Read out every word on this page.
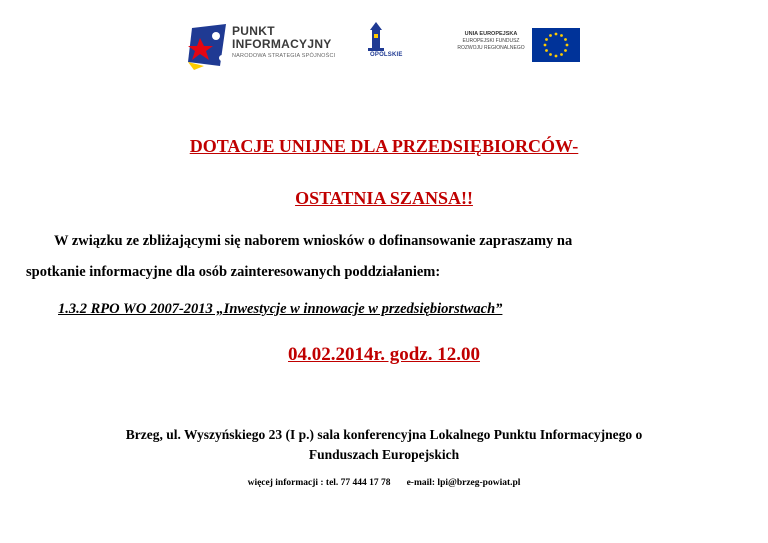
PUNKT
INFORMACYJNY
NARODOWA STRATEGIA SPÓJNOŚCI	OPOLSKIE
UNIA EUROPEJSKA
EUROPEJSKI FUNDUSZ
ROZWOJU REGIONALNEGO
DOTACJE UNIJNE DLA PRZEDSIĘBIORCÓW-
OSTATNIA SZANSA!!
W związku ze zbliżającymi się naborem wniosków o dofinansowanie zapraszamy na
spotkanie informacyjne dla osób zainteresowanych poddziałaniem:
1.3.2 RPO WO 2007-2013 „Inwestycje w innowacje w przedsiębiorstwach”
04.02.2014r. godz. 12.00
Brzeg, ul. Wyszyńskiego 23 (I p.) sala konferencyjna Lokalnego Punktu Informacyjnego o
Funduszach Europejskich
więcej informacji : tel. 77 444 17 78 e-mail: lpi@brzeg-powiat.pl
